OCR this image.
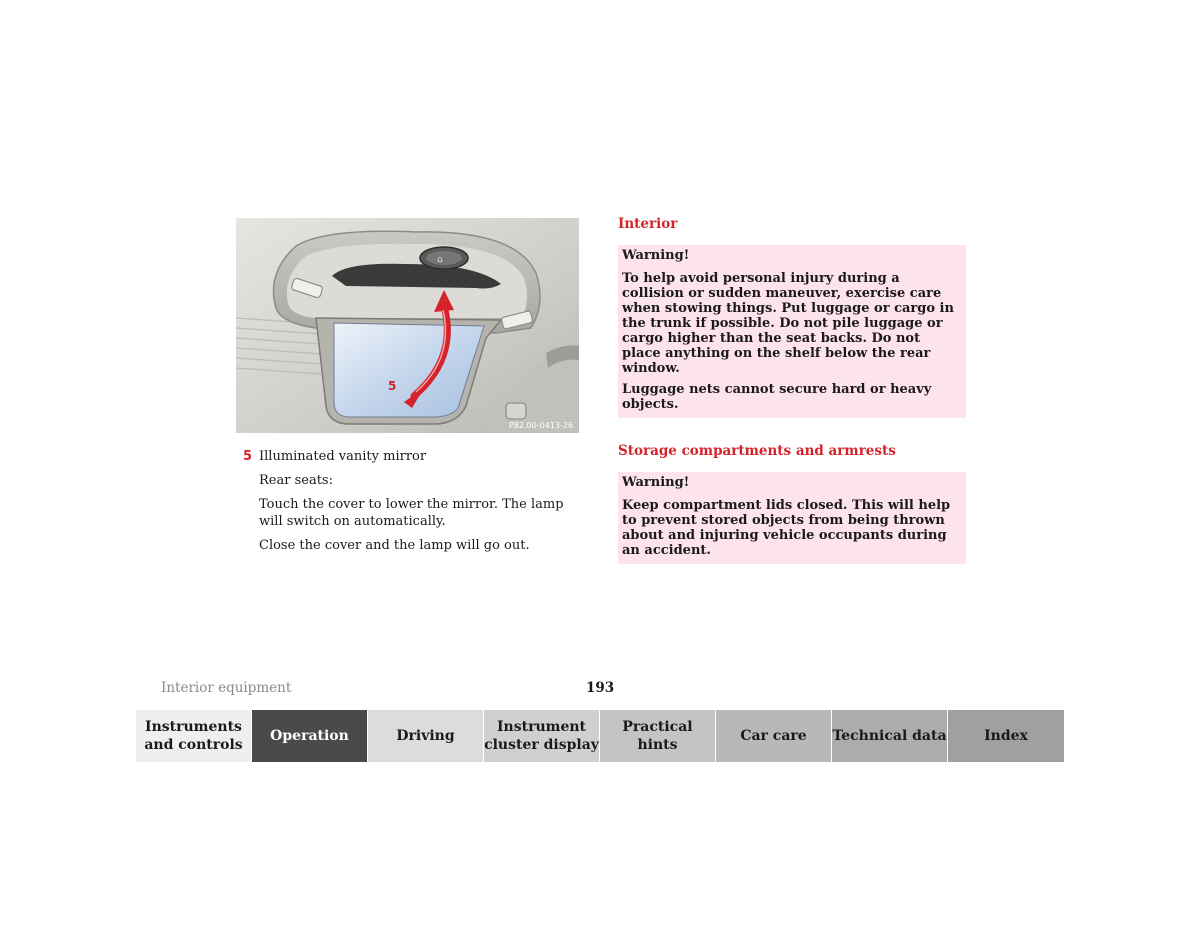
⌂
5
P82.00-0413-26
5 Illuminated vanity mirror
Rear seats:
Touch the cover to lower the mirror. The lamp will switch on automatically.
Close the cover and the lamp will go out.
Interior

Warning!

To help avoid personal injury during a collision or sudden maneuver, exercise care when stowing things. Put luggage or cargo in the trunk if possible. Do not pile luggage or cargo higher than the seat backs. Do not place anything on the shelf below the rear window.

Luggage nets cannot secure hard or heavy objects.

Storage compartments and armrests

Warning!

Keep compartment lids closed. This will help to prevent stored objects from being thrown about and injuring vehicle occupants during an accident.

Interior equipment	193
Instruments and controls
Operation	Driving
Instrument cluster display
Practical hints
Car care	Technical data	Index
